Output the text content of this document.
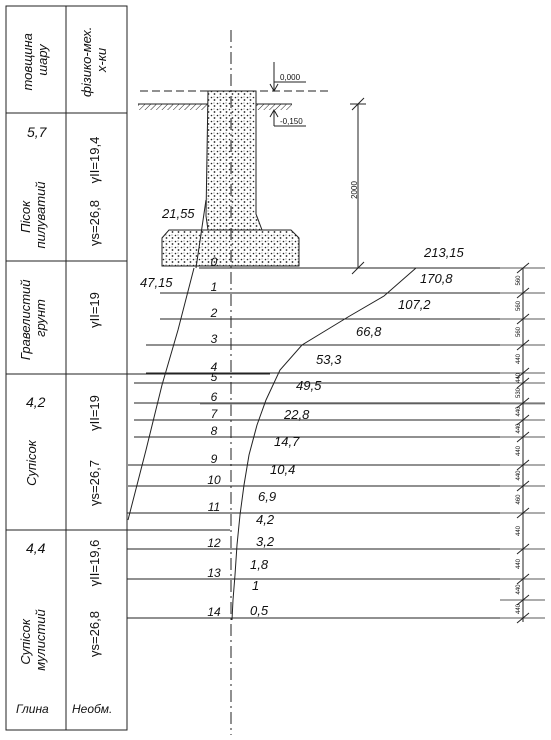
товщина шару фізико-мех. х-ки
5,7
Пісок пилуватий
γII=19,4
γs=26,8
Гравелистий грунт	γII=19
4,2
Супісок
γII=19
γs=26,7
4,4
Супісок мулистий
γII=19,6
γs=26,8
Глина Необм.
0,000
-0,150
2000
21,55
0
1
2
3
4
5
6
7
8
9
10
11
12
13
14
213,15
170,8
107,2
66,8
53,3
49,5
22,8
14,7
10,4
6,9
4,2
3,2
1,8
1
0,5
47,15	560
560
560
440
440
530
440
440
440
440
460
440
440
440
440
